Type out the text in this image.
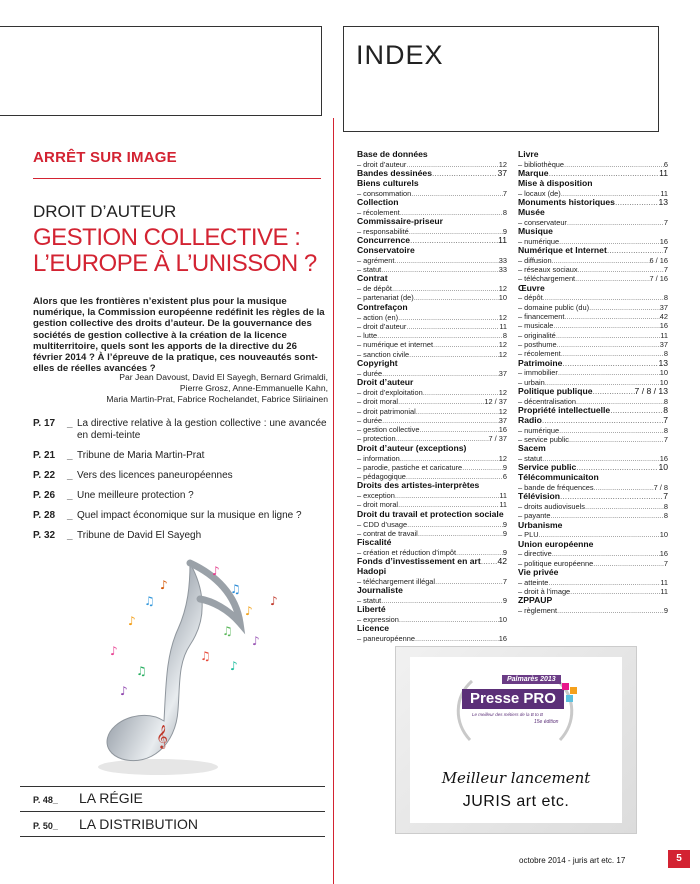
INDEX
ARRÊT SUR IMAGE
DROIT D’AUTEUR
GESTION COLLECTIVE :
L’EUROPE À L’UNISSON ?
Alors que les frontières n’existent plus pour la musique numérique, la Commission européenne redéfinit les règles de la gestion collective des droits d’auteur. De la gouvernance des sociétés de gestion collective à la création de la licence multiterritoire, quels sont les apports de la directive du 26 février 2014 ? À l’épreuve de la pratique, ces nouveautés sont-elles de réelles avancées ?
Par Jean Davoust, David El Sayegh, Bernard Grimaldi,
Pierre Grosz, Anne-Emmanuelle Kahn,
Maria Martin-Prat, Fabrice Rochelandet, Fabrice Siiriainen
P. 17	_ La directive relative à la gestion collective : une avancée en demi-teinte
P. 21	_ Tribune de Maria Martin-Prat
P. 22	_ Vers des licences paneuropéennes
P. 26	_ Une meilleure protection ?
P. 28	_ Quel impact économique sur la musique en ligne ?
P. 32	_ Tribune de David El Sayegh
♪
♫
♪
♫
♪
♫
♪
♪
♫
♪
♫
♪
♪
♪
𝄞
P. 48_ LA RÉGIE
P. 50_ LA DISTRIBUTION
Base de données
– droit d’auteur .....	12
Bandes dessinées .....	37
Biens culturels
– consommation .....	7
Collection
– récolement .....	8
Commissaire-priseur
– responsabilité .....	9
Concurrence .....	11
Conservatoire
– agrément .....	33
– statut .....	33
Contrat
– de dépôt .....	12
– partenariat (de) .....	10
Contrefaçon
– action (en) .....	12
– droit d’auteur .....	11
– lutte .....	8
– numérique et internet .....	12
– sanction civile .....	12
Copyright
– durée .....	37
Droit d’auteur
– droit d’exploitation .....	12
– droit moral .....	12 / 37
– droit patrimonial .....	12
– durée .....	37
– gestion collective .....	16
– protection .....	7 / 37
Droit d’auteur (exceptions)
– information .....	12
– parodie, pastiche et caricature .....	9
– pédagogique .....	6
Droits des artistes-interprètes
– exception .....	11
– droit moral .....	11
Droit du travail et protection sociale
– CDD d’usage .....	9
– contrat de travail .....	9
Fiscalité
– création et réduction d’impôt .....	9
Fonds d’investissement en art ..... 42
Hadopi
– téléchargement illégal .....	7
Journaliste
– statut .....	9
Liberté
– expression .....	10
Licence
– paneuropéenne .....	16
Livre
– bibliothèque .....	6
Marque .....	11
Mise à disposition
– locaux (de) .....	11
Monuments historiques .....	13
Musée
– conservateur .....	7
Musique
– numérique .....	16
Numérique et Internet .....	7
– diffusion .....	6 / 16
– réseaux sociaux .....	7
– téléchargement .....	7 / 16
Œuvre
– dépôt .....	8
– domaine public (du) .....	37
– financement .....	42
– musicale .....	16
– originalité .....	11
– posthume .....	37
– récolement .....	8
Patrimoine .....	13
– immobilier .....	10
– urbain .....	10
Politique publique .....	7 / 8 / 13
– décentralisation .....	8
Propriété intellectuelle .....	8
Radio .....	7
– numérique .....	8
– service public .....	7
Sacem
– statut .....	16
Service public .....	10
Télécommunicaiton
– bande de fréquences .....	7 / 8
Télévision .....	7
– droits audiovisuels .....	8
– payante .....	8
Urbanisme
– PLU .....	10
Union européenne
– directive .....	16
– politique européenne .....	7
Vie privée
– atteinte .....	11
– droit à l’image .....	11
ZPPAUP
– règlement .....	9
Palmarès 2013
Presse PRO
Le meilleur des métiers de la B to B
15e édition
Meilleur lancement
JURIS art etc.
octobre 2014 - juris art etc. 17	5
